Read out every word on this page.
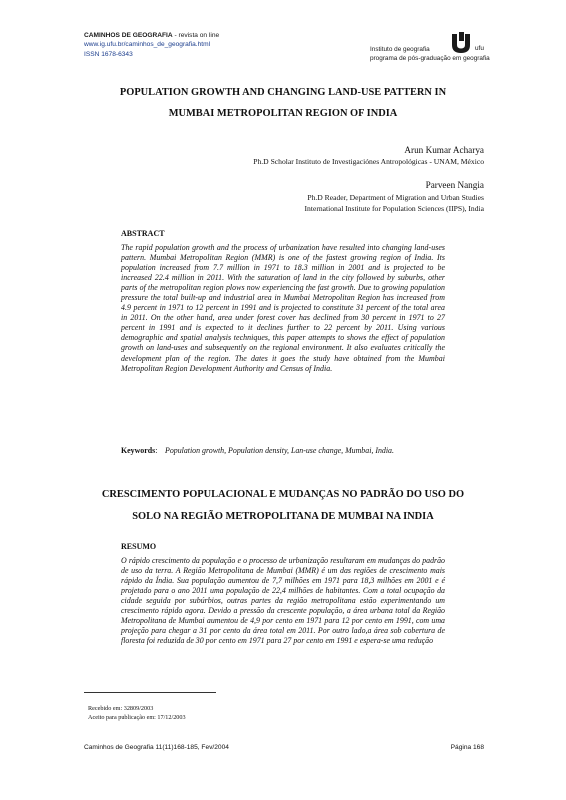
CAMINHOS DE GEOGRAFIA - revista on line
www.ig.ufu.br/caminhos_de_geografia.html
ISSN 1678-6343
Instituto de geografia
programa de pós-graduação em geografia
ufu
POPULATION GROWTH AND CHANGING LAND-USE PATTERN IN
MUMBAI METROPOLITAN REGION OF INDIA
Arun Kumar Acharya
Ph.D Scholar Instituto de Investigaciónes Antropológicas - UNAM, México
Parveen Nangia
Ph.D Reader, Department of Migration and Urban Studies
International Institute for Population Sciences (IIPS), India
ABSTRACT
The rapid population growth and the process of urbanization have resulted into changing land-uses pattern. Mumbai Metropolitan Region (MMR) is one of the fastest growing region of India. Its population increased from 7.7 million in 1971 to 18.3 million in 2001 and is projected to be increased 22.4 million in 2011. With the saturation of land in the city followed by suburbs, other parts of the metropolitan region plows now experiencing the fast growth. Due to growing population pressure the total built-up and industrial area in Mumbai Metropolitan Region has increased from 4.9 percent in 1971 to 12 percent in 1991 and is projected to constitute 31 percent of the total area in 2011. On the other hand, area under forest cover has declined from 30 percent in 1971 to 27 percent in 1991 and is expected to it declines further to 22 percent by 2011. Using various demographic and spatial analysis techniques, this paper attempts to shows the effect of population growth on land-uses and subsequently on the regional environment. It also evaluates critically the development plan of the region. The dates it goes the study have obtained from the Mumbai Metropolitan Region Development Authority and Census of India.
Keywords: Population growth, Population density, Lan-use change, Mumbai, India.
CRESCIMENTO POPULACIONAL E MUDANÇAS NO PADRÃO DO USO DO
SOLO NA REGIÃO METROPOLITANA DE MUMBAI NA INDIA
RESUMO
O rápido crescimento da população e o processo de urbanização resultaram em mudanças do padrão de uso da terra. A Região Metropolitana de Mumbai (MMR) é um das regiões de crescimento mais rápido da Índia. Sua população aumentou de 7,7 milhões em 1971 para 18,3 milhões em 2001 e é projetado para o ano 2011 uma população de 22,4 milhões de habitantes. Com a total ocupação da cidade seguida por subúrbios, outras partes da região metropolitana estão experimentando um crescimento rápido agora. Devido a pressão da crescente população, a área urbana total da Região Metropolitana de Mumbai aumentou de 4,9 por cento em 1971 para 12 por cento em 1991, com uma projeção para chegar a 31 por cento da área total em 2011. Por outro lado,a área sob cobertura de floresta foi reduzida de 30 por cento em 1971 para 27 por cento em 1991 e espera-se uma redução
Recebido em: 32809/2003
Aceito para publicação em: 17/12/2003
Caminhos de Geografia 11(11)168-185, Fev/2004	Página 168
